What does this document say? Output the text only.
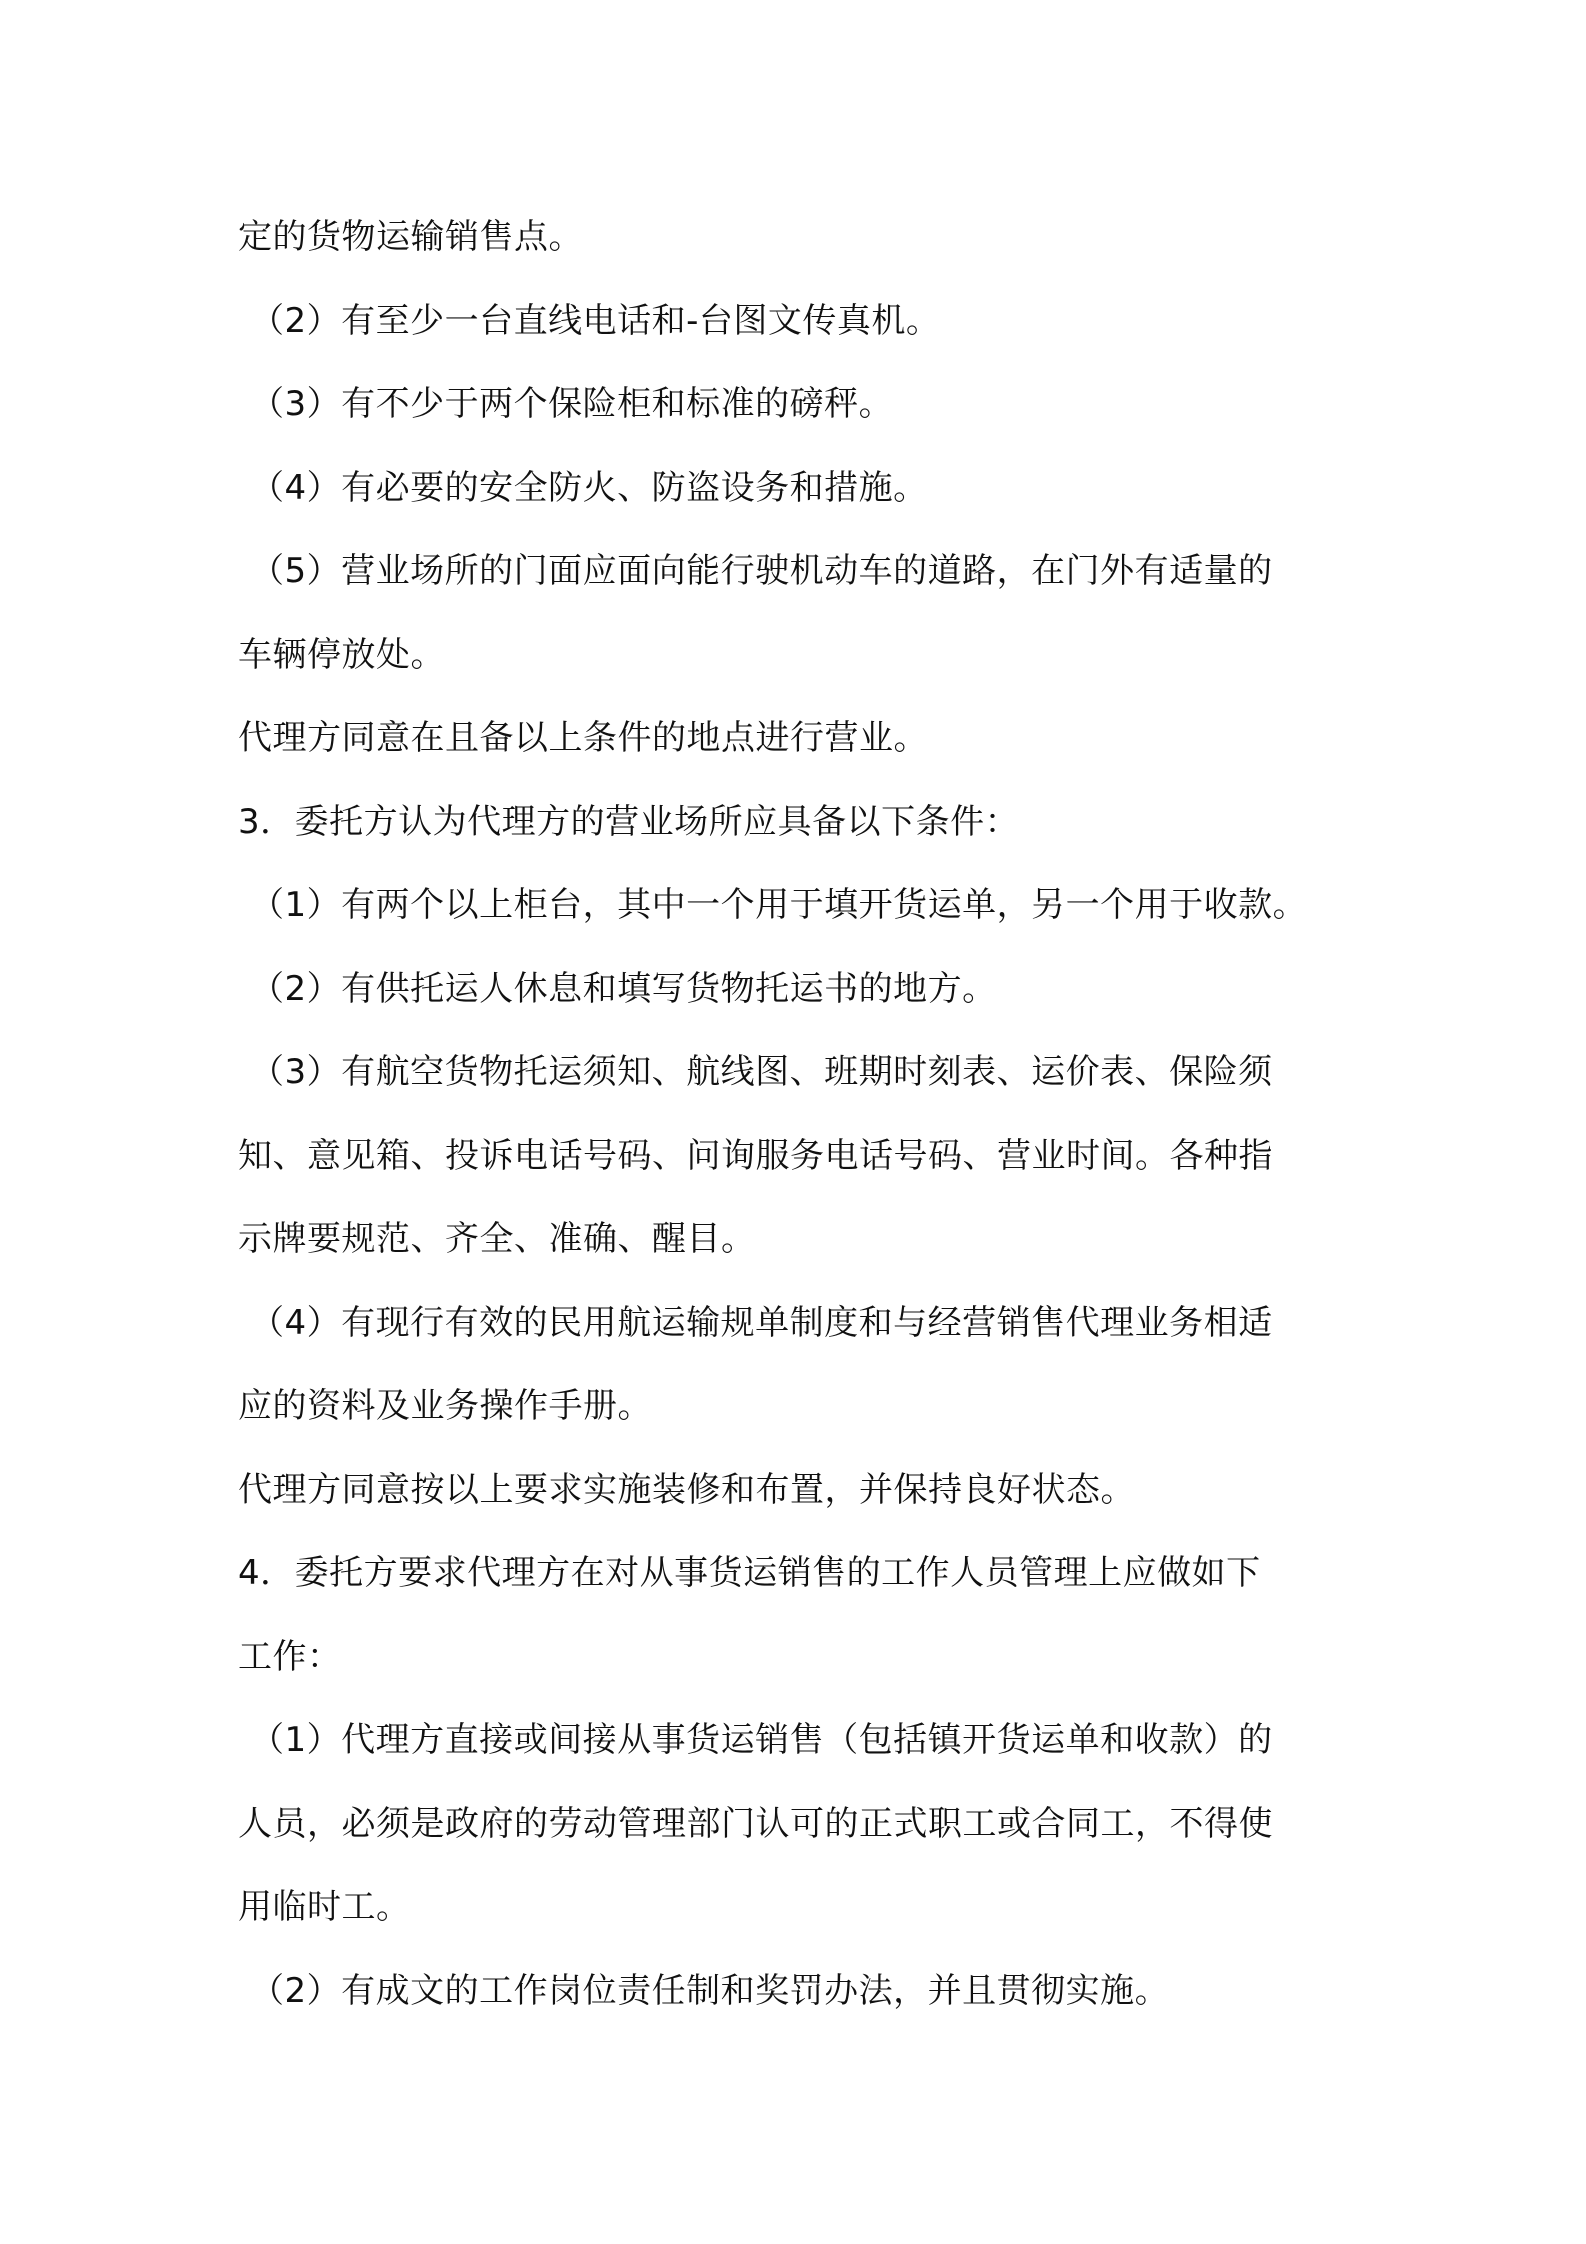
定的货物运输销售点。
（2）有至少一台直线电话和-台图文传真机。
（3）有不少于两个保险柜和标准的磅秤。
（4）有必要的安全防火、防盗设务和措施。
（5）营业场所的门面应面向能行驶机动车的道路，在门外有适量的
车辆停放处。
代理方同意在且备以上条件的地点进行营业。
3．委托方认为代理方的营业场所应具备以下条件：
（1）有两个以上柜台，其中一个用于填开货运单，另一个用于收款。
（2）有供托运人休息和填写货物托运书的地方。
（3）有航空货物托运须知、航线图、班期时刻表、运价表、保险须
知、意见箱、投诉电话号码、问询服务电话号码、营业时间。各种指
示牌要规范、齐全、准确、醒目。
（4）有现行有效的民用航运输规单制度和与经营销售代理业务相适
应的资料及业务操作手册。
代理方同意按以上要求实施装修和布置，并保持良好状态。
4．委托方要求代理方在对从事货运销售的工作人员管理上应做如下
工作：
（1）代理方直接或间接从事货运销售（包括镇开货运单和收款）的
人员，必须是政府的劳动管理部门认可的正式职工或合同工，不得使
用临时工。
（2）有成文的工作岗位责任制和奖罚办法，并且贯彻实施。
